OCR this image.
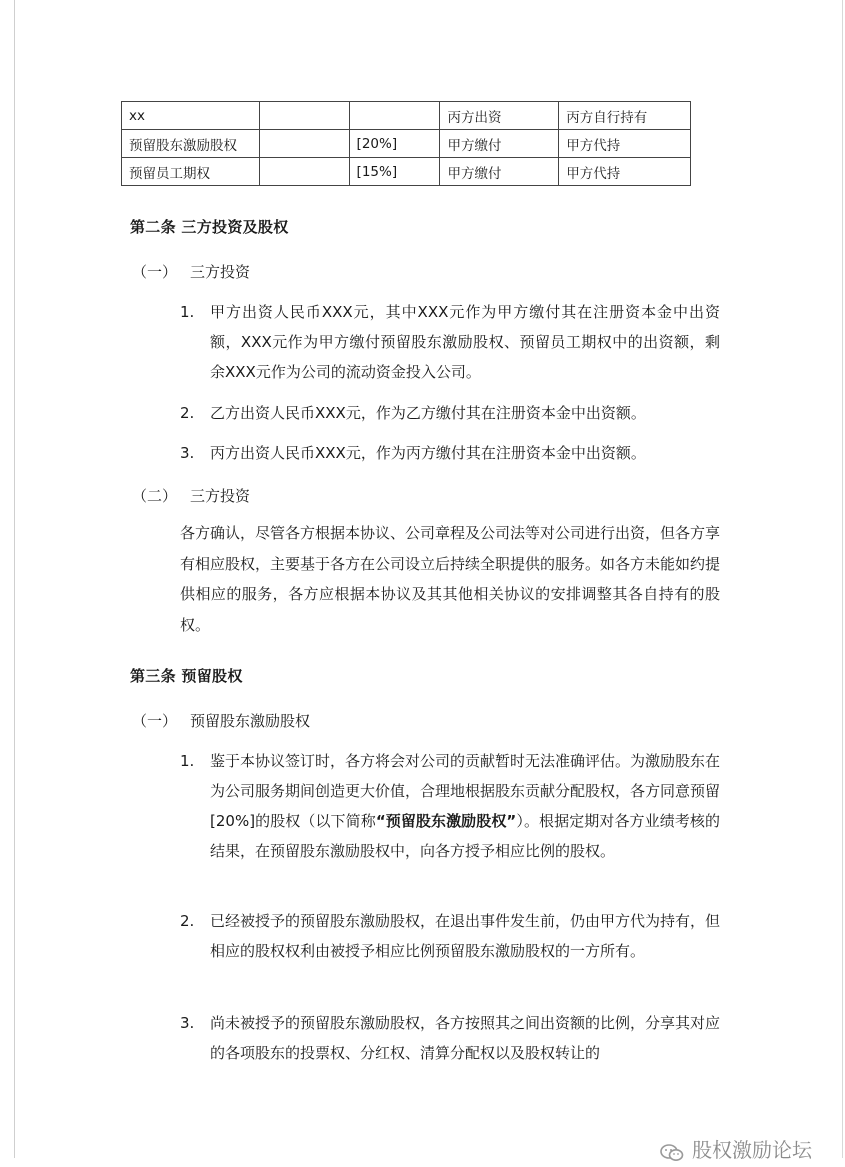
xx			丙方出资	丙方自行持有
预留股东激励股权		[20%]	甲方缴付	甲方代持
预留员工期权		[15%]	甲方缴付	甲方代持
第二条 三方投资及股权
（一） 三方投资
1. 甲方出资人民币XXX元，其中XXX元作为甲方缴付其在注册资本金中出资额，XXX元作为甲方缴付预留股东激励股权、预留员工期权中的出资额，剩余XXX元作为公司的流动资金投入公司。
2. 乙方出资人民币XXX元，作为乙方缴付其在注册资本金中出资额。
3. 丙方出资人民币XXX元，作为丙方缴付其在注册资本金中出资额。
（二） 三方投资
各方确认，尽管各方根据本协议、公司章程及公司法等对公司进行出资，但各方享有相应股权，主要基于各方在公司设立后持续全职提供的服务。如各方未能如约提供相应的服务，各方应根据本协议及其其他相关协议的安排调整其各自持有的股权。
第三条 预留股权
（一） 预留股东激励股权
1. 鉴于本协议签订时，各方将会对公司的贡献暂时无法准确评估。为激励股东在为公司服务期间创造更大价值，合理地根据股东贡献分配股权，各方同意预留[20%]的股权（以下简称“预留股东激励股权”）。根据定期对各方业绩考核的结果，在预留股东激励股权中，向各方授予相应比例的股权。
2. 已经被授予的预留股东激励股权，在退出事件发生前，仍由甲方代为持有，但相应的股权权利由被授予相应比例预留股东激励股权的一方所有。
3. 尚未被授予的预留股东激励股权，各方按照其之间出资额的比例，分享其对应的各项股东的投票权、分红权、清算分配权以及股权转让的
股权激励论坛
